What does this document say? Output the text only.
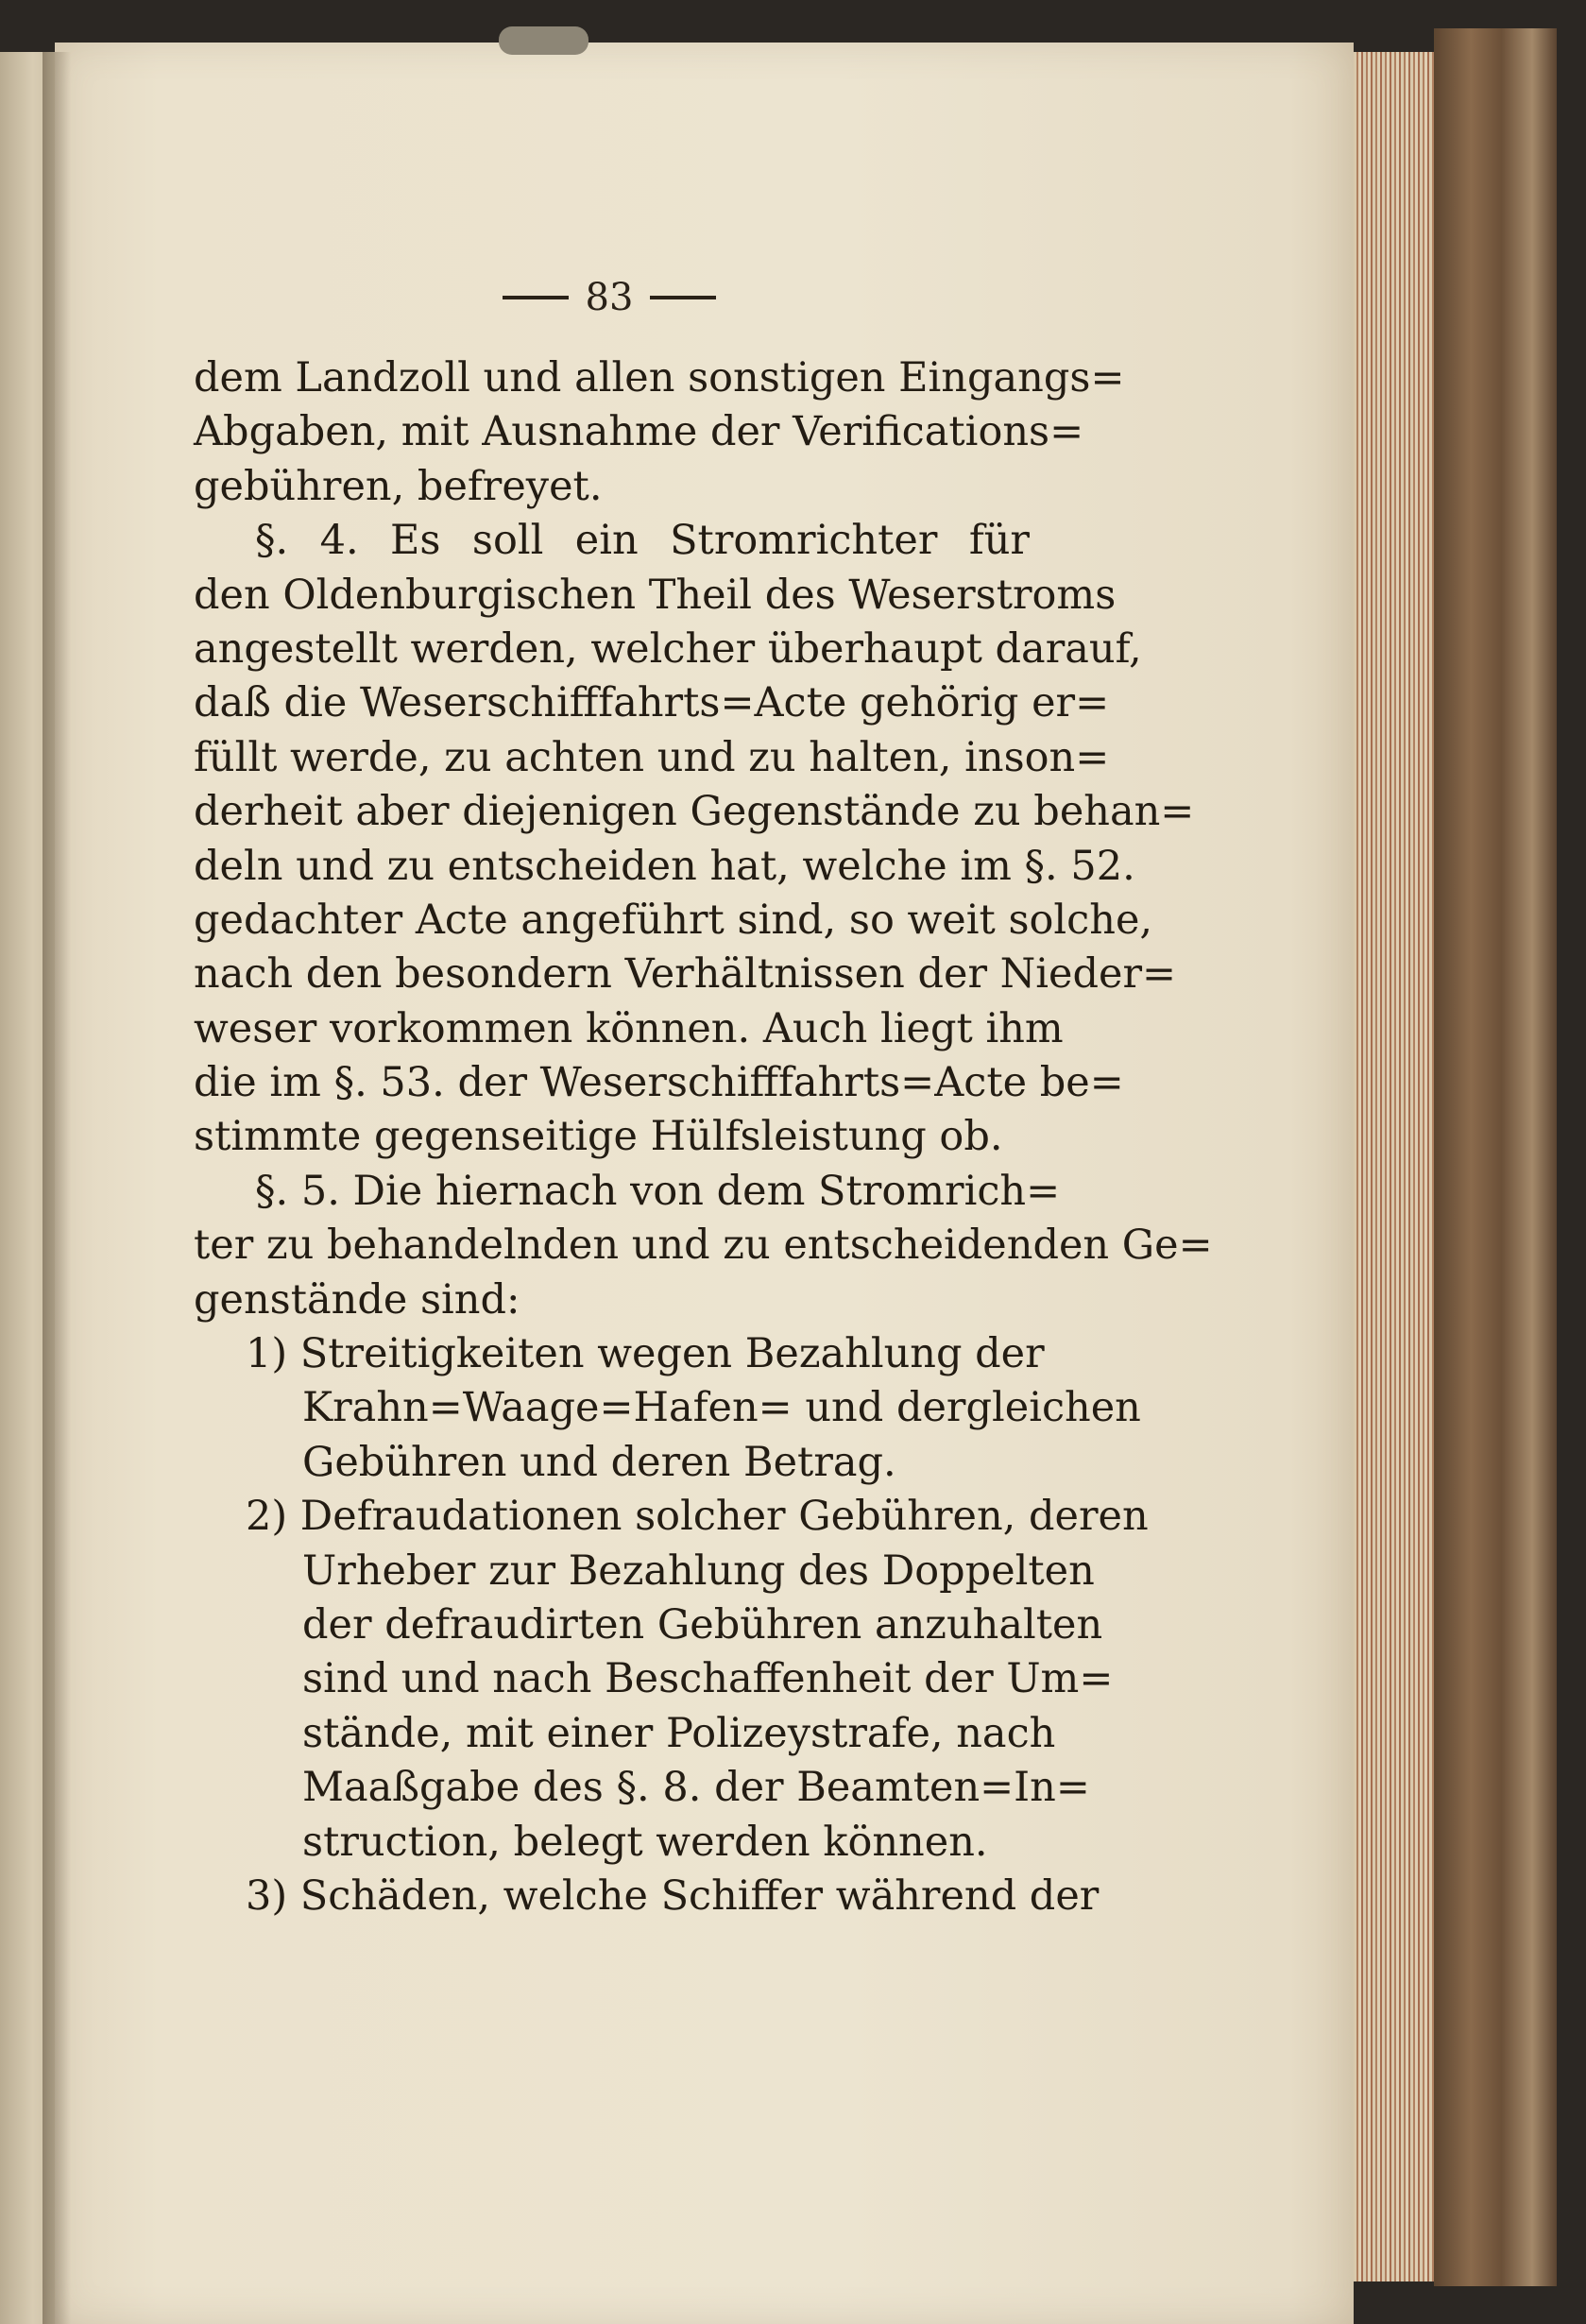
83
dem Landzoll und allen sonstigen Eingangs=
Abgaben, mit Ausnahme der Verifications=
gebühren, befreyet.
§. 4. Es soll ein Stromrichter für
den Oldenburgischen Theil des Weserstroms
angestellt werden, welcher überhaupt darauf,
daß die Weserschifffahrts=Acte gehörig er=
füllt werde, zu achten und zu halten, inson=
derheit aber diejenigen Gegenstände zu behan=
deln und zu entscheiden hat, welche im §. 52.
gedachter Acte angeführt sind, so weit solche,
nach den besondern Verhältnissen der Nieder=
weser vorkommen können. Auch liegt ihm
die im §. 53. der Weserschifffahrts=Acte be=
stimmte gegenseitige Hülfsleistung ob.
§. 5. Die hiernach von dem Stromrich=
ter zu behandelnden und zu entscheidenden Ge=
genstände sind:
1) Streitigkeiten wegen Bezahlung der
Krahn=Waage=Hafen= und dergleichen
Gebühren und deren Betrag.
2) Defraudationen solcher Gebühren, deren
Urheber zur Bezahlung des Doppelten
der defraudirten Gebühren anzuhalten
sind und nach Beschaffenheit der Um=
stände, mit einer Polizeystrafe, nach
Maaßgabe des §. 8. der Beamten=In=
struction, belegt werden können.
3) Schäden, welche Schiffer während der
